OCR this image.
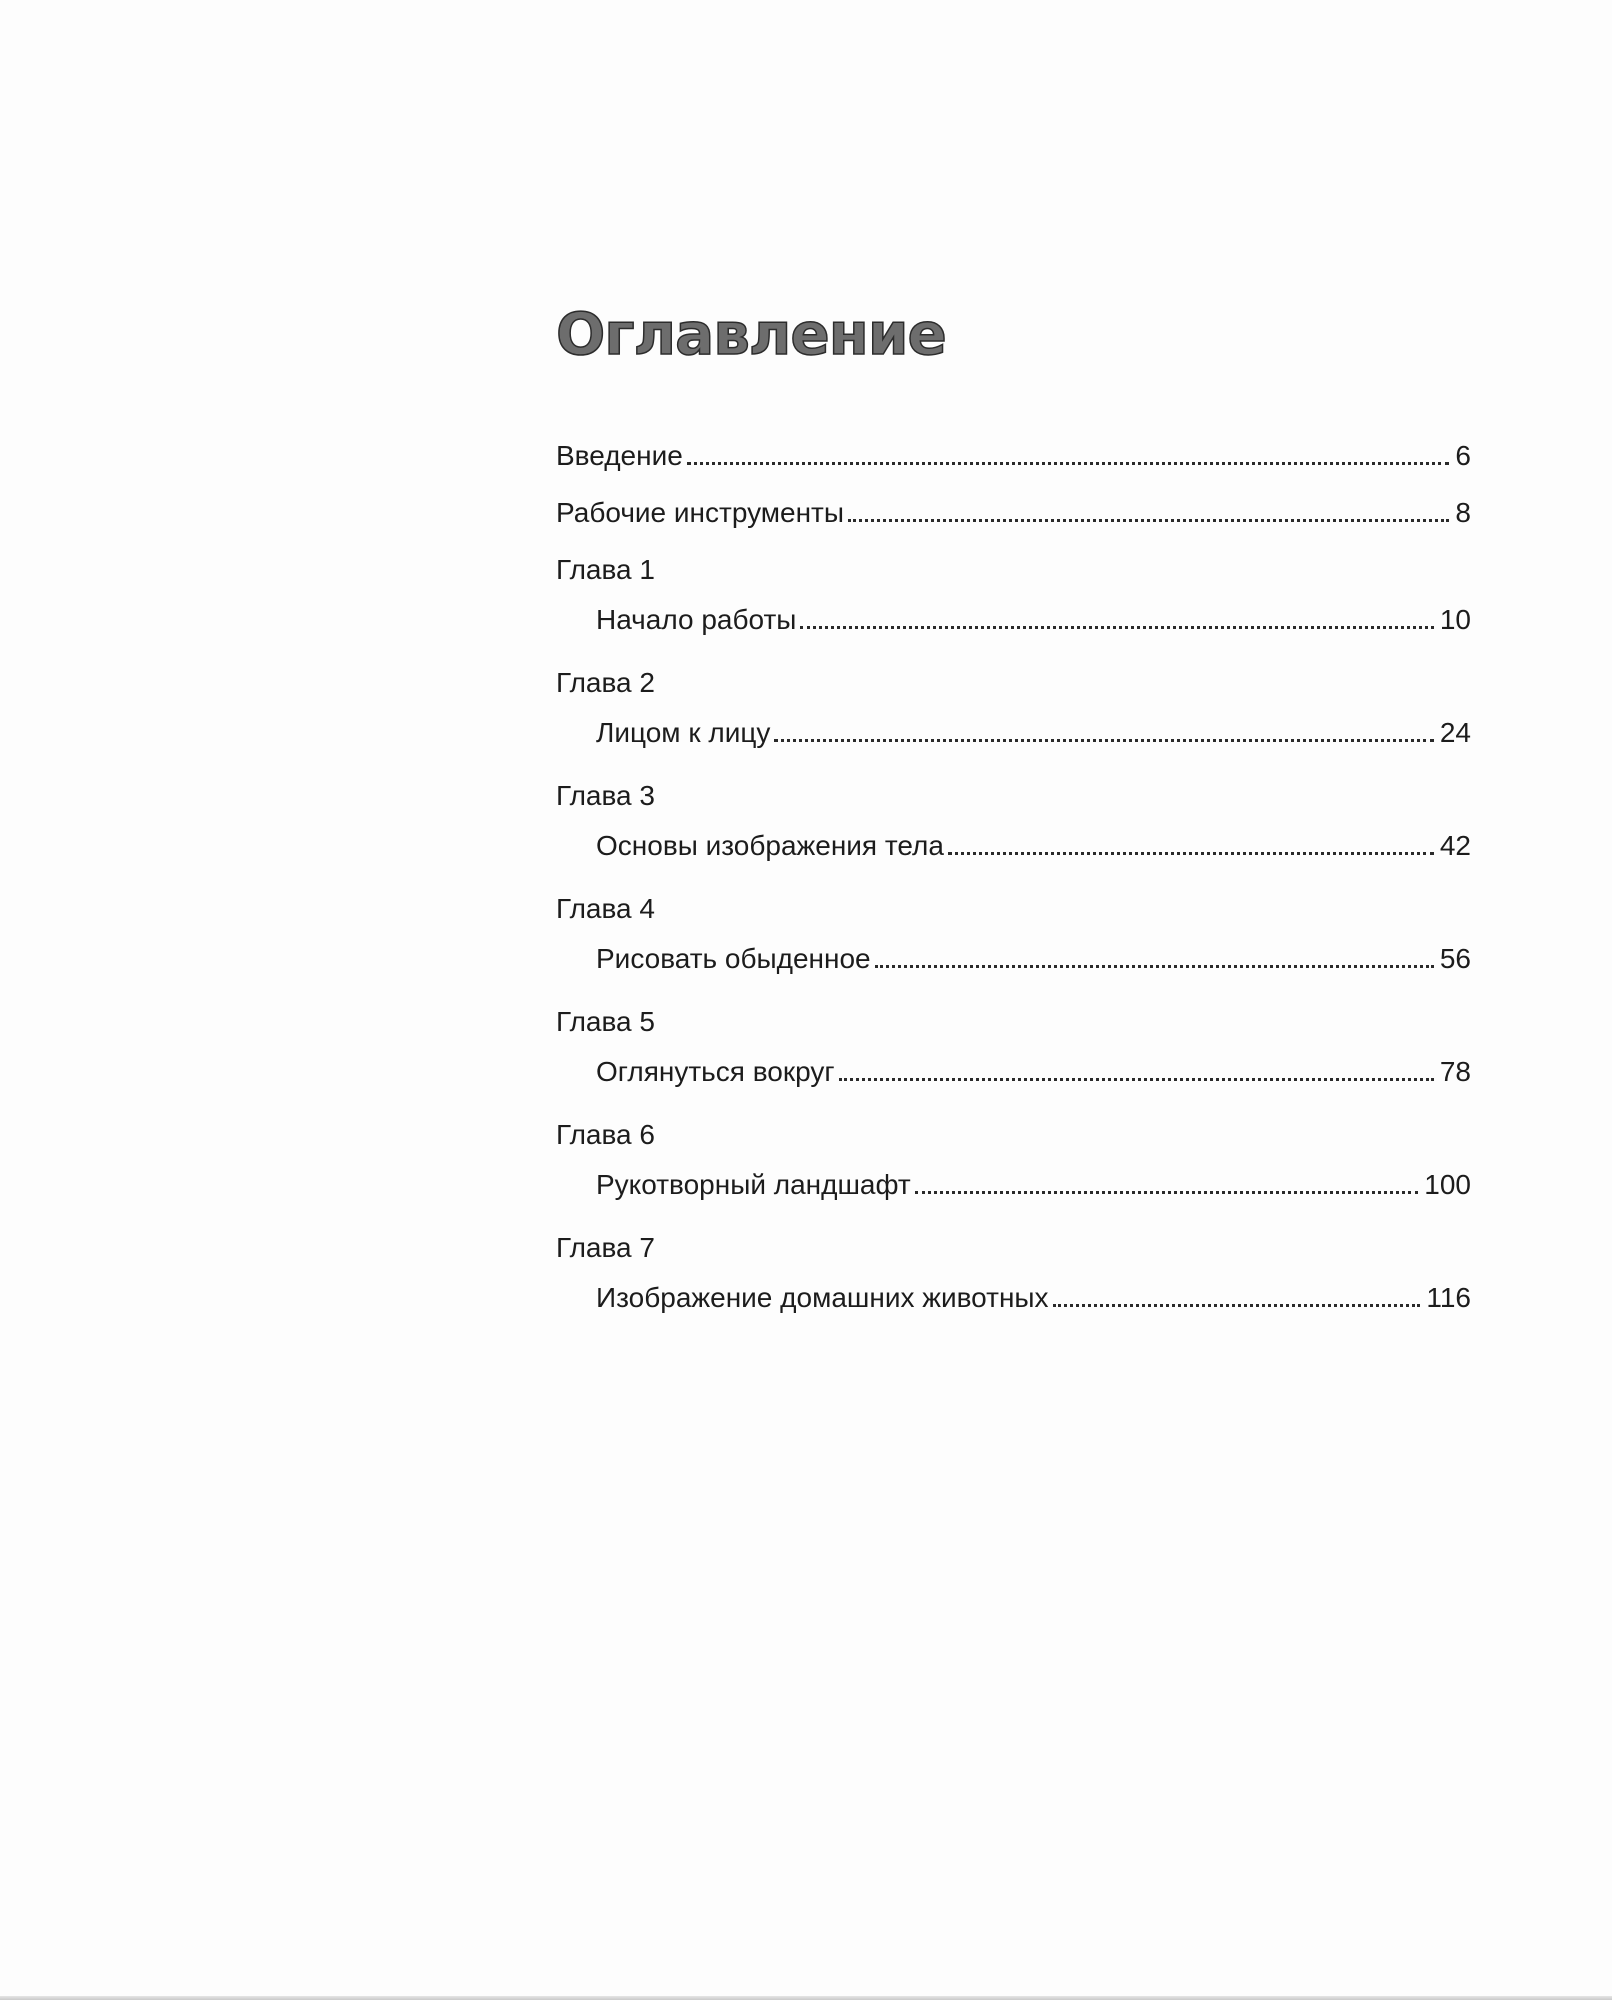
Оглавление
Введение	6
Рабочие инструменты	8
Глава 1
Начало работы	10
Глава 2
Лицом к лицу	24
Глава 3
Основы изображения тела	42
Глава 4
Рисовать обыденное	56
Глава 5
Оглянуться вокруг	78
Глава 6
Рукотворный ландшафт	100
Глава 7
Изображение домашних животных	116
